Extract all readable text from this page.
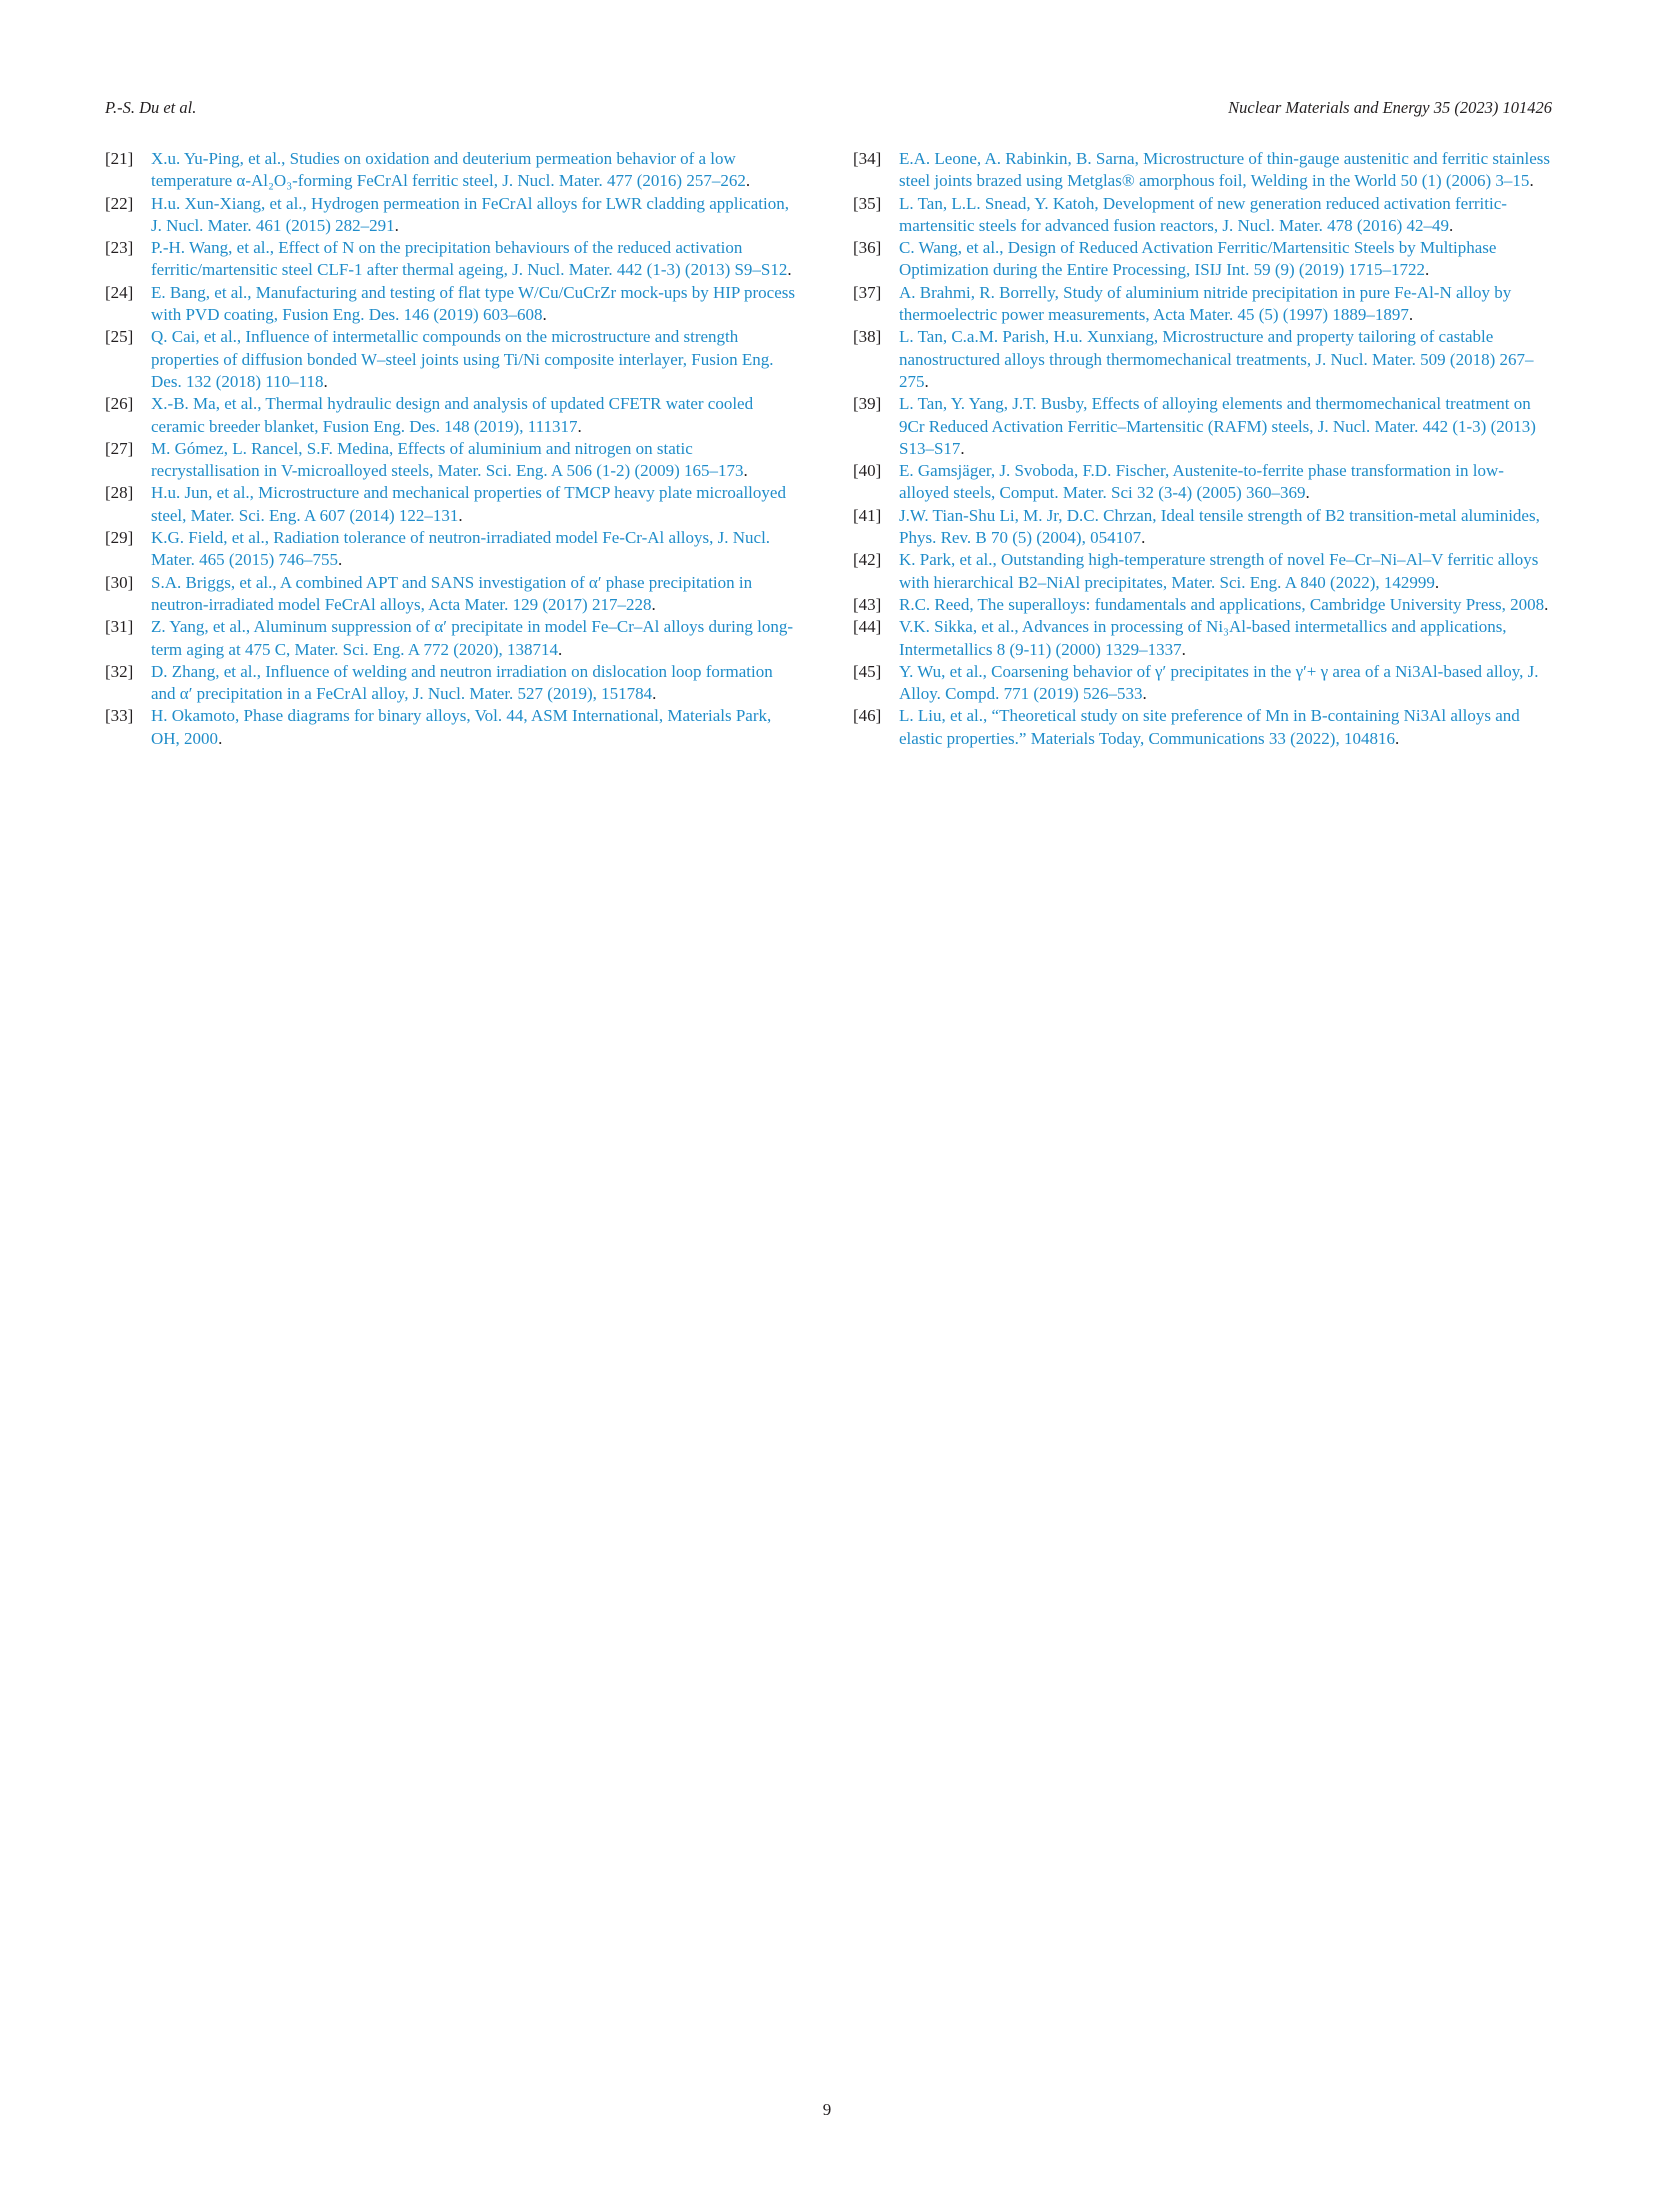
P.-S. Du et al.	Nuclear Materials and Energy 35 (2023) 101426
[21]	X.u. Yu-Ping, et al., Studies on oxidation and deuterium permeation behavior of a low temperature α-Al₂O₃-forming FeCrAl ferritic steel, J. Nucl. Mater. 477 (2016) 257–262.
[22]	H.u. Xun-Xiang, et al., Hydrogen permeation in FeCrAl alloys for LWR cladding application, J. Nucl. Mater. 461 (2015) 282–291.
[23]	P.-H. Wang, et al., Effect of N on the precipitation behaviours of the reduced activation ferritic/martensitic steel CLF-1 after thermal ageing, J. Nucl. Mater. 442 (1-3) (2013) S9–S12.
[24]	E. Bang, et al., Manufacturing and testing of flat type W/Cu/CuCrZr mock-ups by HIP process with PVD coating, Fusion Eng. Des. 146 (2019) 603–608.
[25]	Q. Cai, et al., Influence of intermetallic compounds on the microstructure and strength properties of diffusion bonded W–steel joints using Ti/Ni composite interlayer, Fusion Eng. Des. 132 (2018) 110–118.
[26]	X.-B. Ma, et al., Thermal hydraulic design and analysis of updated CFETR water cooled ceramic breeder blanket, Fusion Eng. Des. 148 (2019), 111317.
[27]	M. Gómez, L. Rancel, S.F. Medina, Effects of aluminium and nitrogen on static recrystallisation in V-microalloyed steels, Mater. Sci. Eng. A 506 (1-2) (2009) 165–173.
[28]	H.u. Jun, et al., Microstructure and mechanical properties of TMCP heavy plate microalloyed steel, Mater. Sci. Eng. A 607 (2014) 122–131.
[29]	K.G. Field, et al., Radiation tolerance of neutron-irradiated model Fe-Cr-Al alloys, J. Nucl. Mater. 465 (2015) 746–755.
[30]	S.A. Briggs, et al., A combined APT and SANS investigation of α′ phase precipitation in neutron-irradiated model FeCrAl alloys, Acta Mater. 129 (2017) 217–228.
[31]	Z. Yang, et al., Aluminum suppression of α′ precipitate in model Fe–Cr–Al alloys during long-term aging at 475 C, Mater. Sci. Eng. A 772 (2020), 138714.
[32]	D. Zhang, et al., Influence of welding and neutron irradiation on dislocation loop formation and α′ precipitation in a FeCrAl alloy, J. Nucl. Mater. 527 (2019), 151784.
[33]	H. Okamoto, Phase diagrams for binary alloys, Vol. 44, ASM International, Materials Park, OH, 2000.
[34]	E.A. Leone, A. Rabinkin, B. Sarna, Microstructure of thin-gauge austenitic and ferritic stainless steel joints brazed using Metglas® amorphous foil, Welding in the World 50 (1) (2006) 3–15.
[35]	L. Tan, L.L. Snead, Y. Katoh, Development of new generation reduced activation ferritic-martensitic steels for advanced fusion reactors, J. Nucl. Mater. 478 (2016) 42–49.
[36]	C. Wang, et al., Design of Reduced Activation Ferritic/Martensitic Steels by Multiphase Optimization during the Entire Processing, ISIJ Int. 59 (9) (2019) 1715–1722.
[37]	A. Brahmi, R. Borrelly, Study of aluminium nitride precipitation in pure Fe-Al-N alloy by thermoelectric power measurements, Acta Mater. 45 (5) (1997) 1889–1897.
[38]	L. Tan, C.a.M. Parish, H.u. Xunxiang, Microstructure and property tailoring of castable nanostructured alloys through thermomechanical treatments, J. Nucl. Mater. 509 (2018) 267–275.
[39]	L. Tan, Y. Yang, J.T. Busby, Effects of alloying elements and thermomechanical treatment on 9Cr Reduced Activation Ferritic–Martensitic (RAFM) steels, J. Nucl. Mater. 442 (1-3) (2013) S13–S17.
[40]	E. Gamsjäger, J. Svoboda, F.D. Fischer, Austenite-to-ferrite phase transformation in low-alloyed steels, Comput. Mater. Sci 32 (3-4) (2005) 360–369.
[41]	J.W. Tian-Shu Li, M. Jr, D.C. Chrzan, Ideal tensile strength of B2 transition-metal aluminides, Phys. Rev. B 70 (5) (2004), 054107.
[42]	K. Park, et al., Outstanding high-temperature strength of novel Fe–Cr–Ni–Al–V ferritic alloys with hierarchical B2–NiAl precipitates, Mater. Sci. Eng. A 840 (2022), 142999.
[43]	R.C. Reed, The superalloys: fundamentals and applications, Cambridge University Press, 2008.
[44]	V.K. Sikka, et al., Advances in processing of Ni₃Al-based intermetallics and applications, Intermetallics 8 (9-11) (2000) 1329–1337.
[45]	Y. Wu, et al., Coarsening behavior of γ′ precipitates in the γ′+ γ area of a Ni3Al-based alloy, J. Alloy. Compd. 771 (2019) 526–533.
[46]	L. Liu, et al., “Theoretical study on site preference of Mn in B-containing Ni3Al alloys and elastic properties.” Materials Today, Communications 33 (2022), 104816.
9
